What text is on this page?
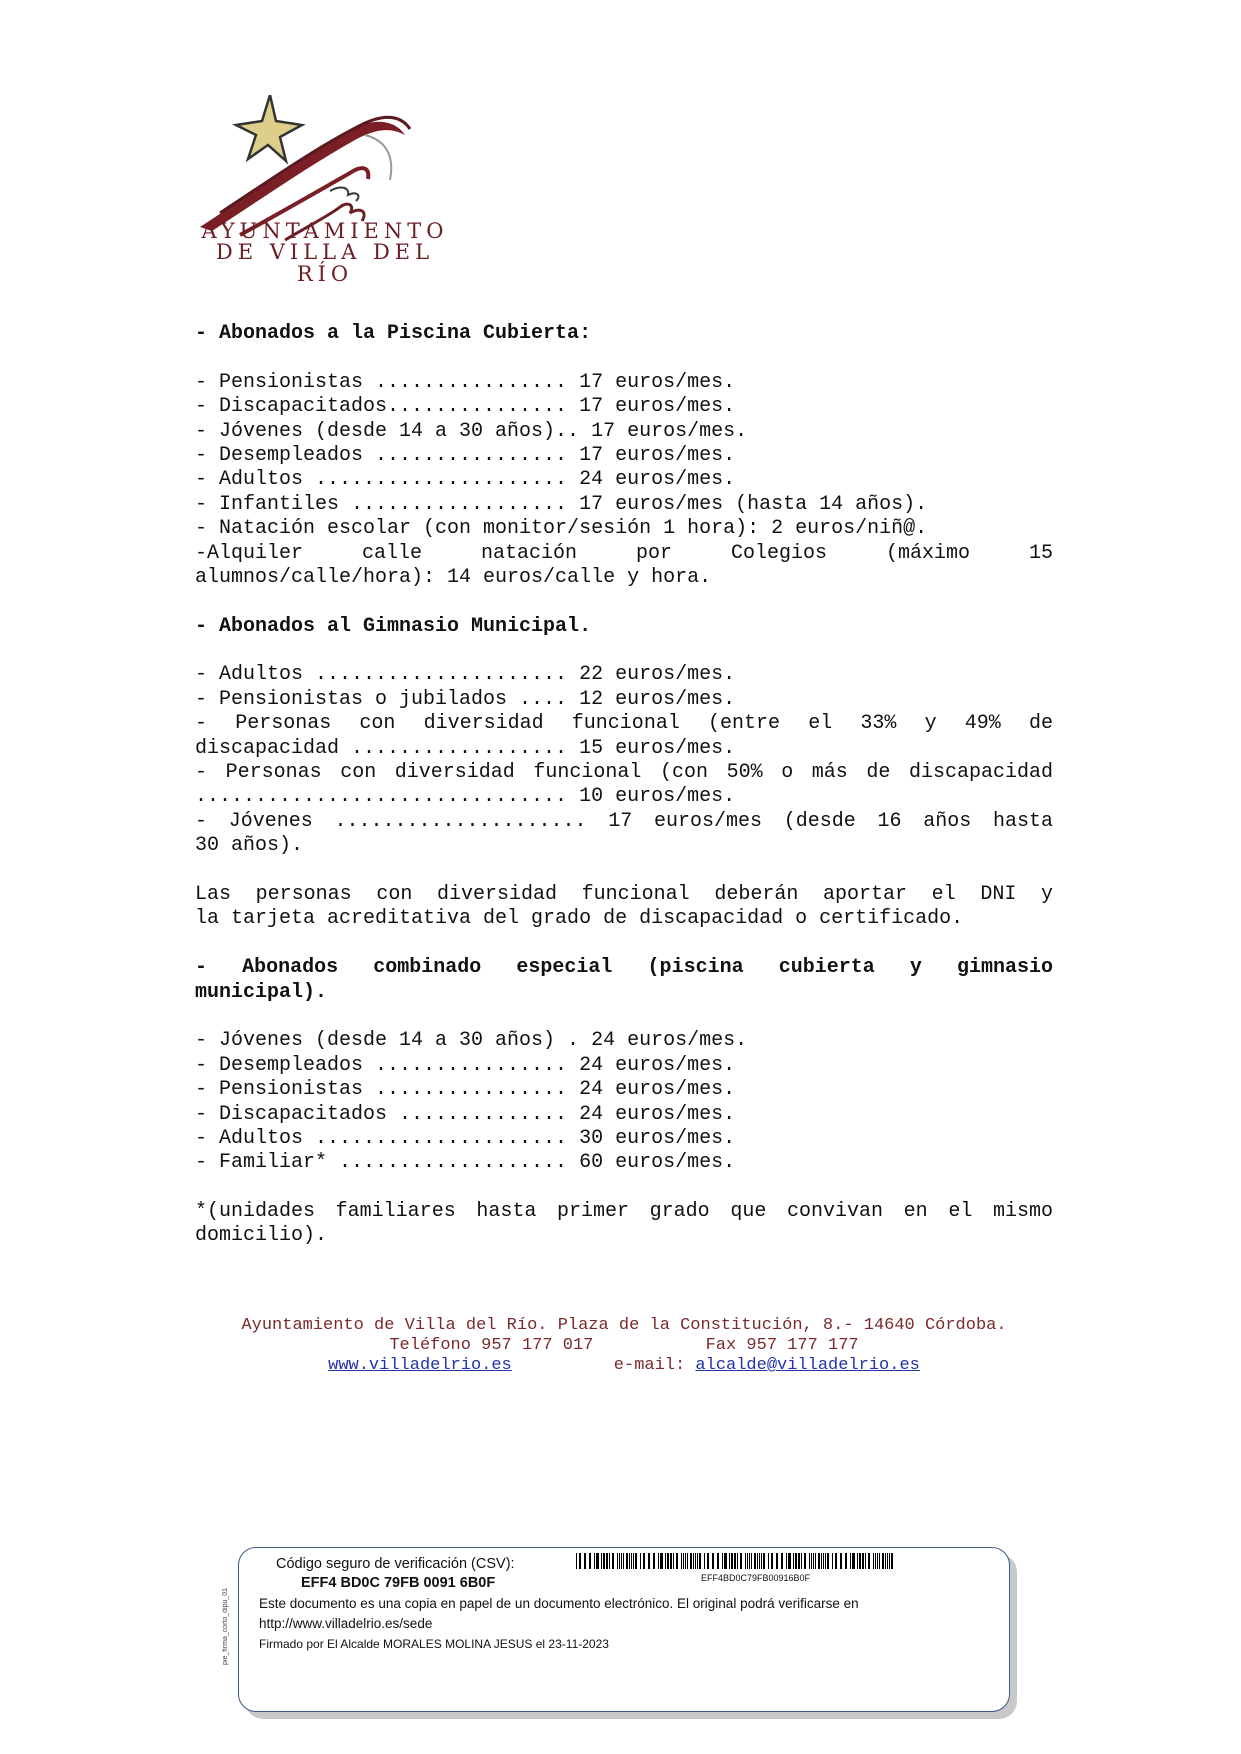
AYUNTAMIENTO
DE VILLA DEL RÍO
- Abonados a la Piscina Cubierta:
- Pensionistas ................ 17 euros/mes.
- Discapacitados............... 17 euros/mes.
- Jóvenes (desde 14 a 30 años).. 17 euros/mes.
- Desempleados ................ 17 euros/mes.
- Adultos ..................... 24 euros/mes.
- Infantiles .................. 17 euros/mes (hasta 14 años).
- Natación escolar (con monitor/sesión 1 hora): 2 euros/niñ@.
-Alquiler calle natación por Colegios (máximo 15
alumnos/calle/hora): 14 euros/calle y hora.
- Abonados al Gimnasio Municipal.
- Adultos ..................... 22 euros/mes.
- Pensionistas o jubilados .... 12 euros/mes.
- Personas con diversidad funcional (entre el 33% y 49% de
discapacidad .................. 15 euros/mes.
- Personas con diversidad funcional (con 50% o más de discapacidad
............................... 10 euros/mes.
- Jóvenes ..................... 17 euros/mes (desde 16 años hasta
30 años).
Las personas con diversidad funcional deberán aportar el DNI y
la tarjeta acreditativa del grado de discapacidad o certificado.
- Abonados combinado especial (piscina cubierta y gimnasio
municipal).
- Jóvenes (desde 14 a 30 años) . 24 euros/mes.
- Desempleados ................ 24 euros/mes.
- Pensionistas ................ 24 euros/mes.
- Discapacitados .............. 24 euros/mes.
- Adultos ..................... 30 euros/mes.
- Familiar* ................... 60 euros/mes.
*(unidades familiares hasta primer grado que convivan en el mismo
domicilio).
Ayuntamiento de Villa del Río. Plaza de la Constitución, 8.- 14640 Córdoba.
Teléfono 957 177 017	Fax 957 177 177
www.villadelrio.es	e-mail: alcalde@villadelrio.es
pie_firma_corto_dipu_01
Código seguro de verificación (CSV):
EFF4 BD0C 79FB 0091 6B0F	EFF4BD0C79FB00916B0F
Este documento es una copia en papel de un documento electrónico. El original podrá verificarse en
http://www.villadelrio.es/sede
Firmado por El Alcalde MORALES MOLINA JESUS el 23-11-2023
